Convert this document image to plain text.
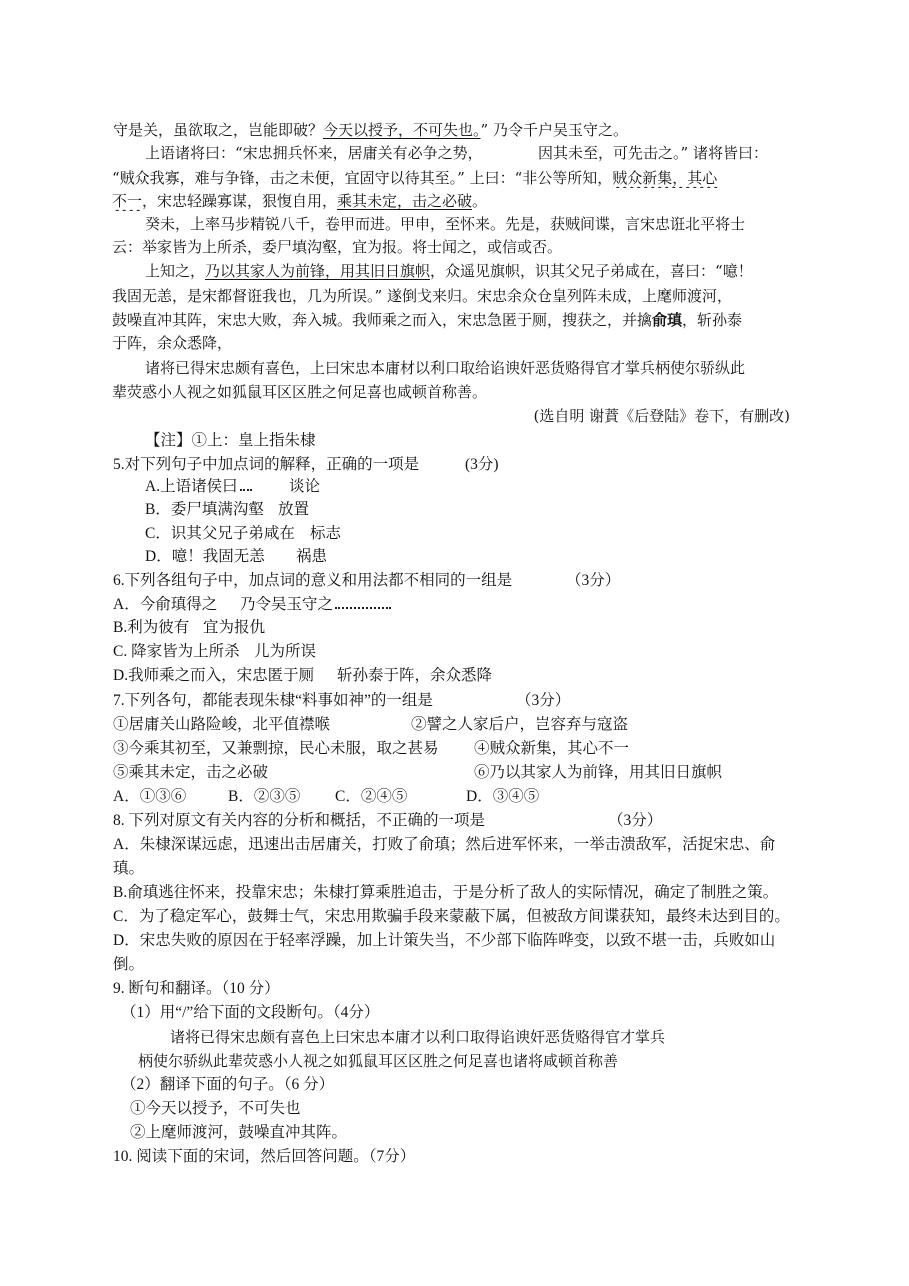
守是关，虽欲取之，岂能即破？今天以授予，不可失也。” 乃令千户吴玉守之。
上语诸将曰：“宋忠拥兵怀来，居庸关有必争之势，	因其未至，可先击之。” 诸将皆曰：
“贼众我寡，难与争锋，击之未便，宜固守以待其至。” 上曰：“非公等所知，贼众新集，其心
不一，宋忠轻躁寡谋，狠愎自用，乘其未定，击之必破。
癸未，上率马步精锐八千，卷甲而进。甲申，至怀来。先是，获贼间谍，言宋忠诳北平将士
云：举家皆为上所杀，委尸填沟壑，宜为报。将士闻之，或信或否。
上知之，乃以其家人为前锋，用其旧日旗帜，众遥见旗帜，识其父兄子弟咸在，喜曰：“噫！
我固无恙，是宋都督诳我也，几为所误。” 遂倒戈来归。宋忠余众仓皇列阵未成，上麾师渡河，
鼓噪直冲其阵，宋忠大败，奔入城。我师乘之而入，宋忠急匿于厕，搜获之，并擒俞瑱，斩孙泰
于阵，余众悉降，
诸将已得宋忠颇有喜色，上曰宋忠本庸材以利口取给谄谀奸恶货赂得官才掌兵柄使尔骄纵此
辈荧惑小人视之如狐鼠耳区区胜之何足喜也咸顿首称善。
(选自明 谢蕡《后登陆》卷下，有删改)
【注】①上：皇上指朱棣
5.对下列句子中加点词的解释，正确的一项是	(3分)
A.上语诸侯曰	谈论
B．委尸填满沟壑 放置
C．识其父兄子弟咸在 标志
D．噫！我固无恙	祸患
6.下列各组句子中，加点词的意义和用法都不相同的一组是	（3分）
A．今俞瑱得之	乃令吴玉守之
B.利为彼有 宜为报仇
C. 降家皆为上所杀 儿为所误
D.我师乘之而入，宋忠匿于厕	斩孙泰于阵，余众悉降
7.下列各句，都能表现朱棣“料事如神”的一组是	（3分）
①居庸关山路险峻，北平值襟喉	②譬之人家后户，岂容弃与寇盗
③今乘其初至，又兼剽掠，民心未服，取之甚易	④贼众新集，其心不一
⑤乘其未定，击之必破	⑥乃以其家人为前锋，用其旧日旗帜
A．①③⑥	B．②③⑤	C．②④⑤	D．③④⑤
8. 下列对原文有关内容的分析和概括，不正确的一项是	（3分）
A．朱棣深谋远虑，迅速出击居庸关，打败了俞瑱；然后进军怀来，一举击溃敌军，活捉宋忠、俞
瑱。
B.俞瑱逃往怀来，投靠宋忠；朱棣打算乘胜追击，于是分析了敌人的实际情况，确定了制胜之策。
C．为了稳定军心，鼓舞士气，宋忠用欺骗手段来蒙蔽下属，但被敌方间谍获知，最终未达到目的。
D．宋忠失败的原因在于轻率浮躁，加上计策失当，不少部下临阵哗变，以致不堪一击，兵败如山
倒。
9. 断句和翻译。（10 分）
（1）用“/”给下面的文段断句。（4分）
诸将已得宋忠颇有喜色上曰宋忠本庸才以利口取得谄谀奸恶货赂得官才掌兵
柄使尔骄纵此辈荧惑小人视之如狐鼠耳区区胜之何足喜也诸将咸顿首称善
（2）翻译下面的句子。（6 分）
①今天以授予，不可失也
②上麾师渡河，鼓噪直冲其阵。
10. 阅读下面的宋词，然后回答问题。（7分）
